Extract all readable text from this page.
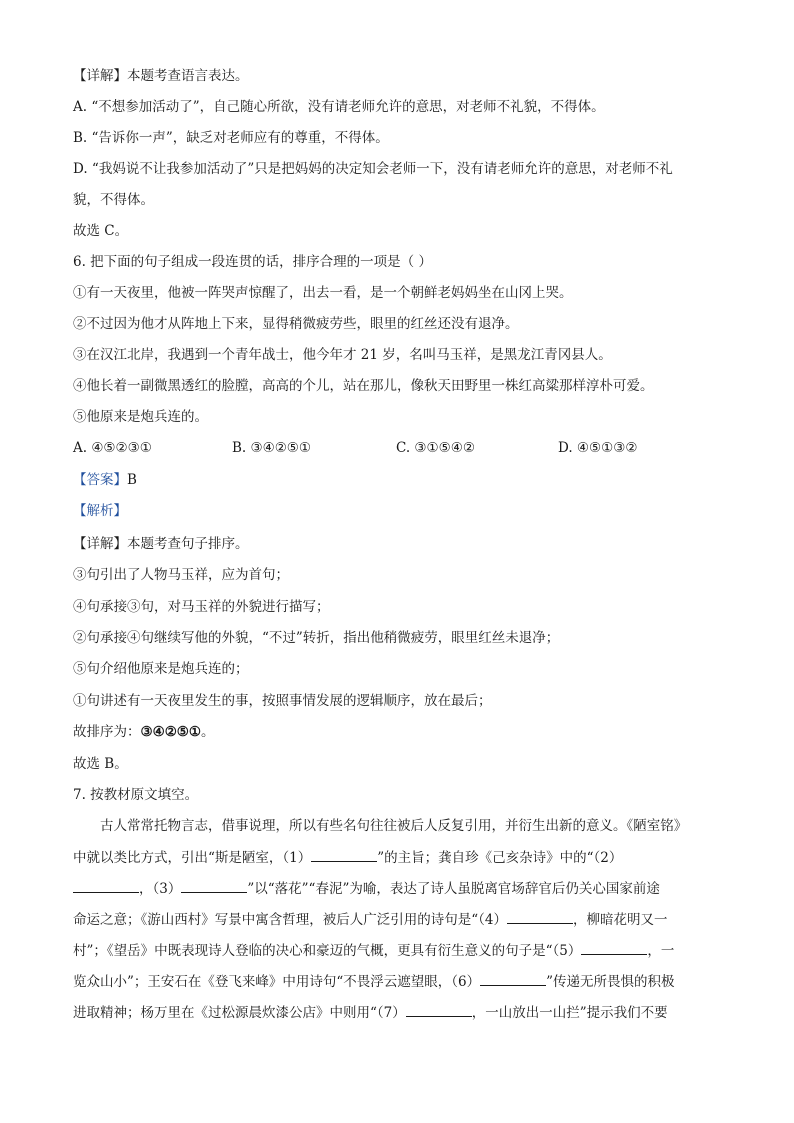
【详解】本题考查语言表达。
A. “不想参加活动了”，自己随心所欲，没有请老师允许的意思，对老师不礼貌，不得体。
B. “告诉你一声”，缺乏对老师应有的尊重，不得体。
D. “我妈说不让我参加活动了”只是把妈妈的决定知会老师一下，没有请老师允许的意思，对老师不礼
貌，不得体。
故选 C。
6. 把下面的句子组成一段连贯的话，排序合理的一项是（ ）
①有一天夜里，他被一阵哭声惊醒了，出去一看，是一个朝鲜老妈妈坐在山冈上哭。
②不过因为他才从阵地上下来，显得稍微疲劳些，眼里的红丝还没有退净。
③在汉江北岸，我遇到一个青年战士，他今年才 21 岁，名叫马玉祥，是黑龙江青冈县人。
④他长着一副微黑透红的脸膛，高高的个儿，站在那儿，像秋天田野里一株红高粱那样淳朴可爱。
⑤他原来是炮兵连的。
A. ④⑤②③①	B. ③④②⑤①	C. ③①⑤④②	D. ④⑤①③②
【答案】B
【解析】
【详解】本题考查句子排序。
③句引出了人物马玉祥，应为首句；
④句承接③句，对马玉祥的外貌进行描写；
②句承接④句继续写他的外貌，“不过”转折，指出他稍微疲劳，眼里红丝未退净；
⑤句介绍他原来是炮兵连的；
①句讲述有一天夜里发生的事，按照事情发展的逻辑顺序，放在最后；
故排序为：③④②⑤①。
故选 B。
7. 按教材原文填空。
古人常常托物言志，借事说理，所以有些名句往往被后人反复引用，并衍生出新的意义。《陋室铭》
中就以类比方式，引出“斯是陋室，（1）	”的主旨；龚自珍《己亥杂诗》中的“（2）
，（3）	”以“落花”“春泥”为喻，表达了诗人虽脱离官场辞官后仍关心国家前途
命运之意；《游山西村》写景中寓含哲理，被后人广泛引用的诗句是“（4）	，柳暗花明又一
村”；《望岳》中既表现诗人登临的决心和豪迈的气概，更具有衍生意义的句子是“（5）	，一
览众山小”；王安石在《登飞来峰》中用诗句“不畏浮云遮望眼，（6）	”传递无所畏惧的积极
进取精神；杨万里在《过松源晨炊漆公店》中则用“（7）	，一山放出一山拦”提示我们不要
